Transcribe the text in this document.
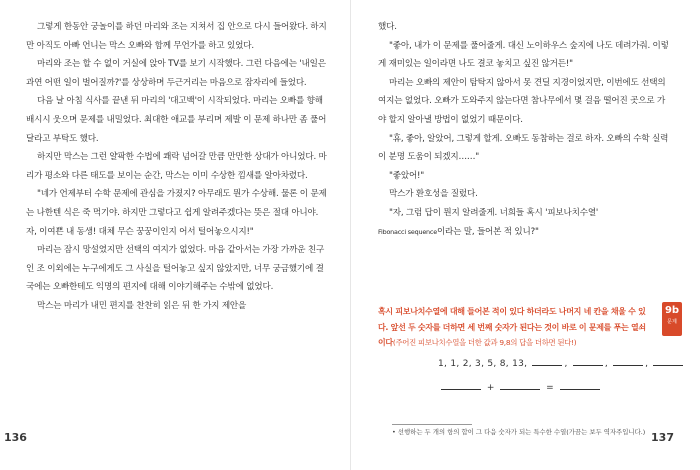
그렇게 한동안 궁놀이를 하던 마리와 조는 지쳐서 집 안으로 다시 들어왔다. 하지만 아직도 아빠 언니는 막스 오빠와 함께 무언가를 하고 있었다.

마리와 조는 할 수 없이 거실에 앉아 TV를 보기 시작했다. 그런 다음에는 '내일은 과연 어떤 일이 벌어질까?'를 상상하며 두근거리는 마음으로 잠자리에 들었다.

다음 날 아침 식사를 끝낸 뒤 마리의 '대고백'이 시작되었다. 마리는 오빠를 향해 배시시 웃으며 문제를 내밀었다. 최대한 애교를 부리며 제발 이 문제 하나만 좀 풀어달라고 부탁도 했다.

하지만 막스는 그런 얄팍한 수법에 쾌락 넘어갈 만큼 만만한 상대가 아니었다. 마리가 평소와 다른 태도를 보이는 순간, 막스는 이미 수상한 낌새를 알아차렸다.

"네가 언제부터 수학 문제에 관심을 가졌지? 아무래도 뭔가 수상해. 물론 이 문제는 나한텐 식은 죽 먹기야. 하지만 그렇다고 쉽게 알려주겠다는 뜻은 절대 아니야. 자, 이여쁜 내 동생! 대체 무슨 꿍꿍이인지 어서 털어놓으시지!"

마리는 잠시 망설였지만 선택의 여지가 없었다. 마음 같아서는 가장 가까운 친구인 조 이외에는 누구에게도 그 사실을 털어놓고 싶지 않았지만, 너무 궁금했기에 결국에는 오빠한테도 익명의 편지에 대해 이야기해주는 수밖에 없었다.

막스는 마리가 내민 편지를 찬찬히 읽은 뒤 한 가지 제안을

136

했다.

"좋아, 내가 이 문제를 풀어줄게. 대신 노이하우스 숲지에 나도 데려가줘. 이렇게 재미있는 일이라면 나도 결코 놓치고 싶진 않거든!"

마리는 오빠의 제안이 탐탁지 않아서 못 견딜 지경이었지만, 이번에도 선택의 여지는 없었다. 오빠가 도와주지 않는다면 참나무에서 몇 걸음 떨어진 곳으로 가야 할지 알아낼 방법이 없었기 때문이다.

"휴, 좋아, 알았어, 그렇게 할게. 오빠도 동참하는 걸로 하자. 오빠의 수학 실력이 분명 도움이 되겠지……"

"좋았어!"

막스가 환호성을 질렀다.

"자, 그럼 답이 뭔지 알려줄게. 너희들 혹시 '피보나치수열'

Fibonacci sequence이라는 말, 들어본 적 있니?"

혹시 피보나치수열에 대해 들어본 적이 있다 하더라도 나머지 네 칸을 채울 수 있다. 앞선 두 숫자를 더하면 세 번째 숫자가 된다는 것이 바로 이 문제를 푸는 열쇠이다(주어진 피보나치수열을 더한 값과 9,8의 답을 더하면 된다!)
9b
문제
1, 1, 2, 3, 5, 8, 13,	,	,	,
+	=
• 선행하는 두 개의 항의 합이 그 다음 숫자가 되는 특수한 수열(가끔는 보두 역자주입니다.) 137
